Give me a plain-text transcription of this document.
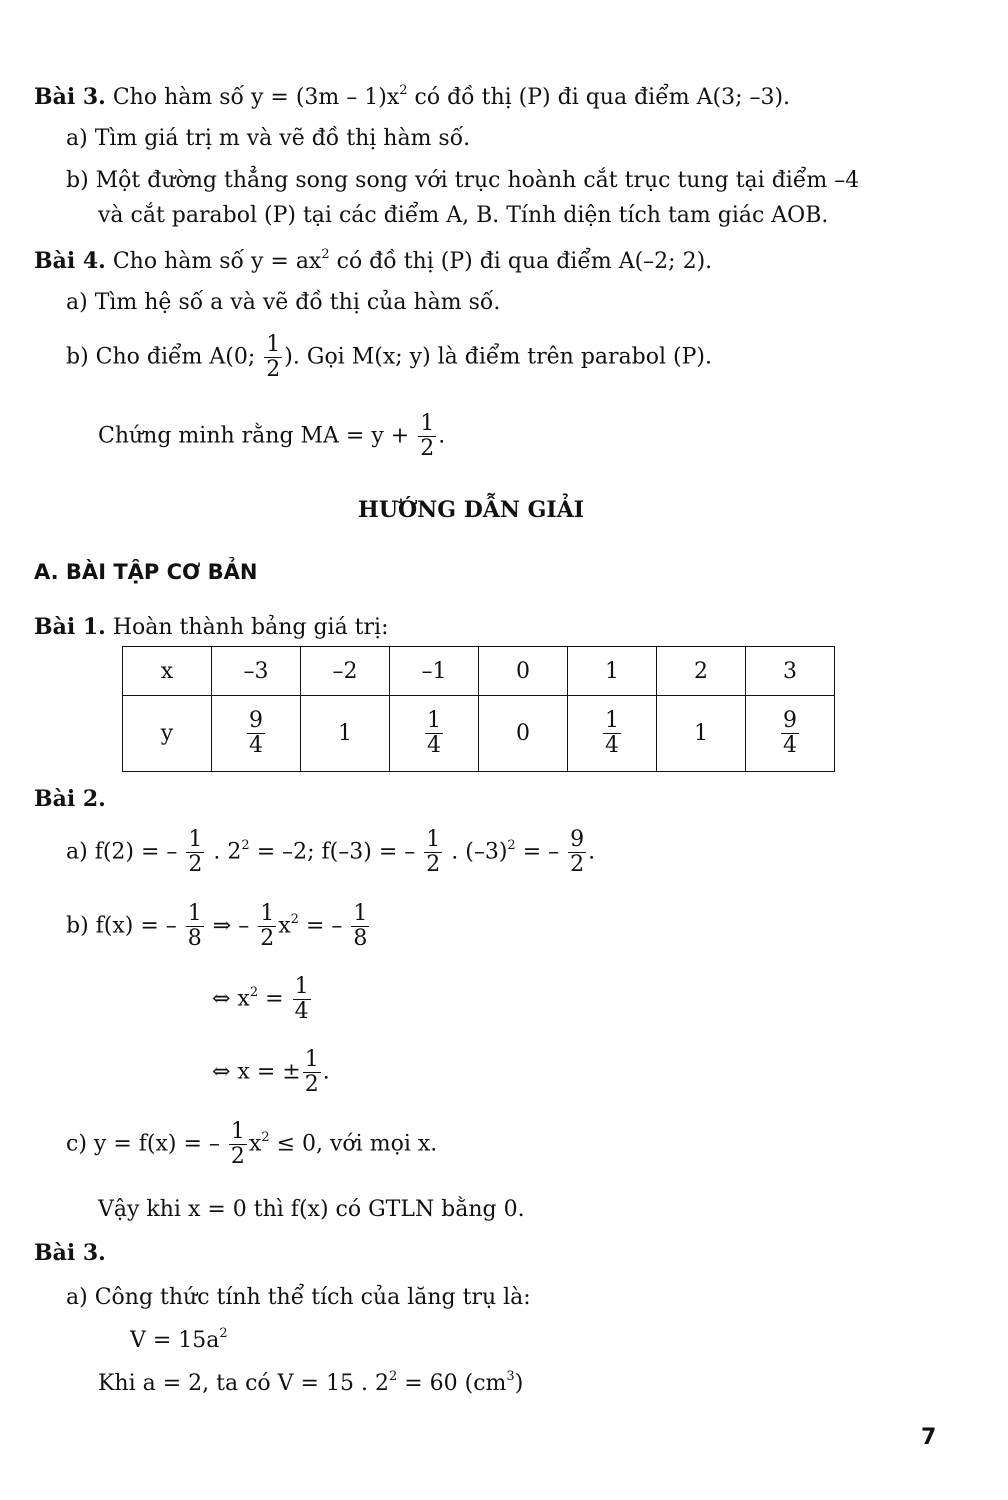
Bài 3. Cho hàm số $y = (3m - 1)x^2$ có đồ thị (P) đi qua điểm A(3; –3).
a) Tìm giá trị m và vẽ đồ thị hàm số.
b) Một đường thẳng song song với trục hoành cắt trục tung tại điểm –4
và cắt parabol (P) tại các điểm A, B. Tính diện tích tam giác AOB.
Bài 4. Cho hàm số $y = ax^2$ có đồ thị (P) đi qua điểm A(–2; 2).
a) Tìm hệ số a và vẽ đồ thị của hàm số.
b) Cho điểm A(0; $\frac{1}{2}$ ). Gọi M(x; y) là điểm trên parabol (P).
Chứng minh rằng MA = $y + \frac{1}{2}$ .
HƯỚNG DẪN GIẢI
A. BÀI TẬP CƠ BẢN
Bài 1. Hoàn thành bảng giá trị:
x	–3	–2	–1	0	1	2	3
y	$\frac{9}{4}$	1	$\frac{1}{4}$	0	$\frac{1}{4}$	1	$\frac{9}{4}$
Bài 2.
a) f(2) = – $\frac{1}{2}$ . $2^2 = -2$; f(–3) = – $\frac{1}{2}$ . $(-3)^2$ = – $\frac{9}{2}$ .
b) f(x) = – $\frac{1}{8}$ ⇒ – $\frac{1}{2} x^2$ = – $\frac{1}{8}$
⇔ $x^2 = \frac{1}{4}$
⇔ x = ± $\frac{1}{2}$ .
c) y = f(x) = – $\frac{1}{2} x^2 \le 0$, với mọi x.
Vậy khi x = 0 thì f(x) có GTLN bằng 0.
Bài 3.
a) Công thức tính thể tích của lăng trụ là:
$V = 15a^2$
Khi a = 2, ta có V = 15 . $2^2 = 60$ $(cm^3)$
7
